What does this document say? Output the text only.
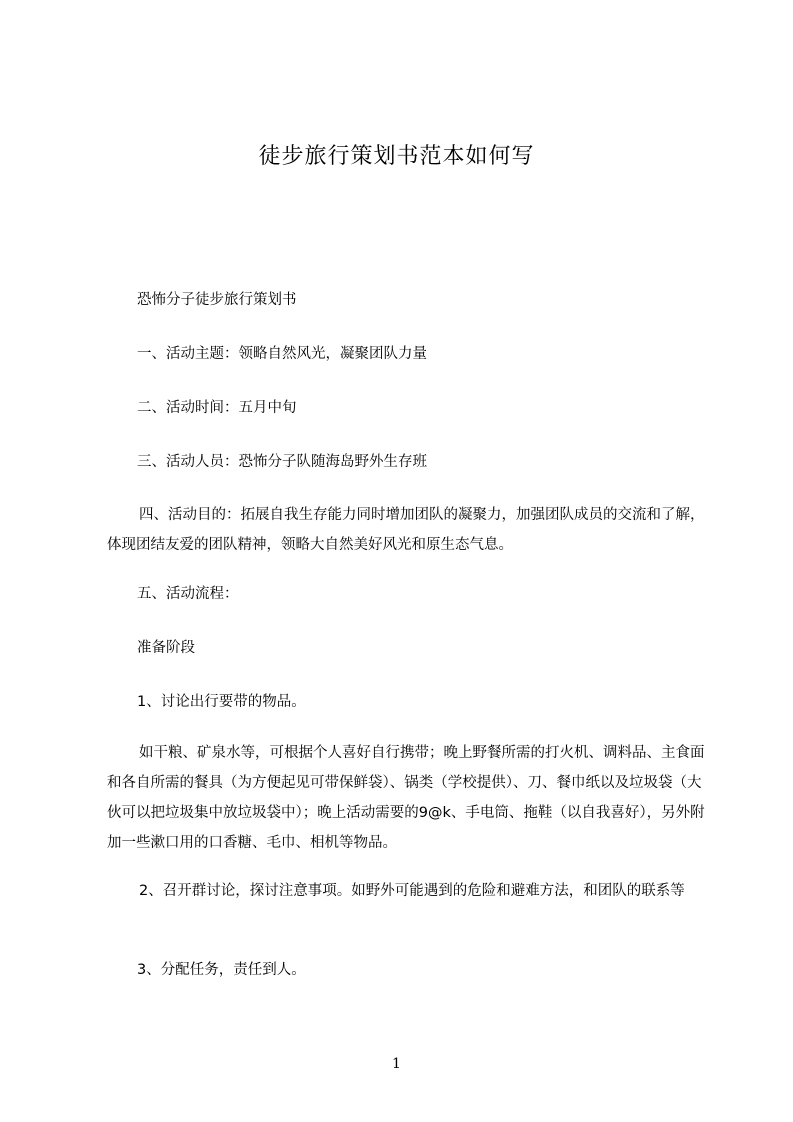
徒步旅行策划书范本如何写

恐怖分子徒步旅行策划书

一、活动主题：领略自然风光，凝聚团队力量

二、活动时间：五月中旬

三、活动人员：恐怖分子队随海岛野外生存班

四、活动目的：拓展自我生存能力同时增加团队的凝聚力，加强团队成员的交流和了解，体现团结友爱的团队精神，领略大自然美好风光和原生态气息。

五、活动流程：

准备阶段

1、讨论出行要带的物品。

如干粮、矿泉水等，可根据个人喜好自行携带；晚上野餐所需的打火机、调料品、主食面和各自所需的餐具（为方便起见可带保鲜袋）、锅类（学校提供）、刀、餐巾纸以及垃圾袋（大伙可以把垃圾集中放垃圾袋中）；晚上活动需要的9@k、手电筒、拖鞋（以自我喜好），另外附加一些漱口用的口香糖、毛巾、相机等物品。

2、召开群讨论，探讨注意事项。如野外可能遇到的危险和避难方法，和团队的联系等

3、分配任务，责任到人。

1
